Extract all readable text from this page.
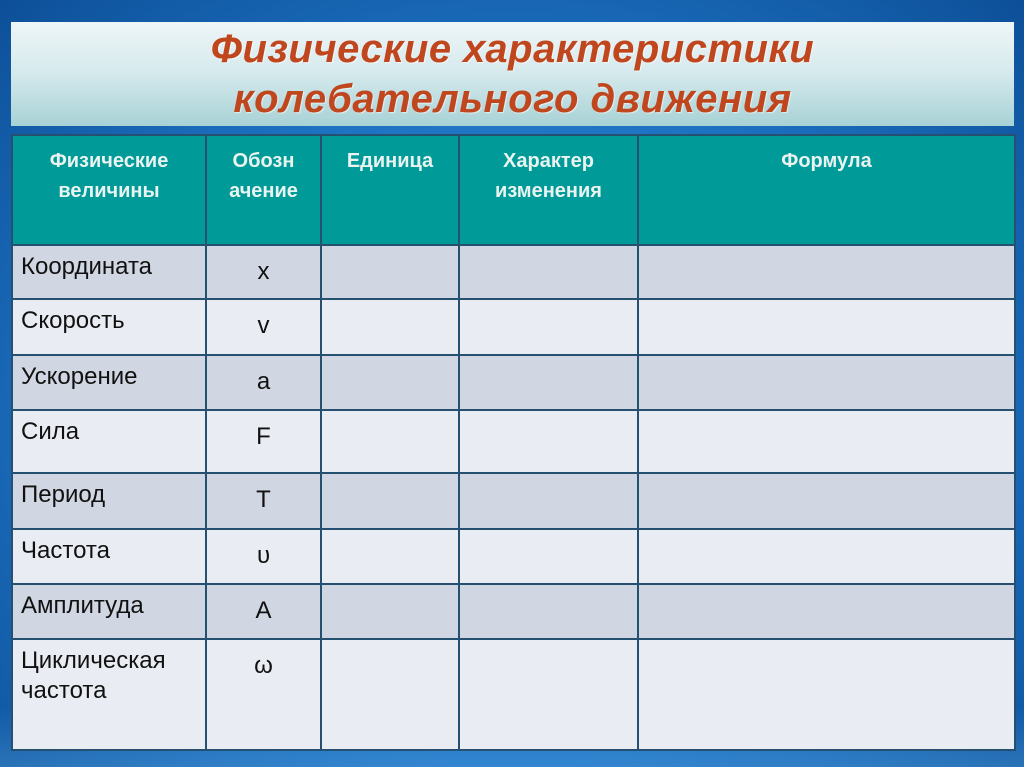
Физические характеристики
колебательного движения
Физические величины	Обозн ачение	Единица	Характер изменения	Формула
Координата	x			
Скорость	v			
Ускорение	a			
Сила	F			
Период	T			
Частота	υ			
Амплитуда	A			
Циклическая частота	ω			
